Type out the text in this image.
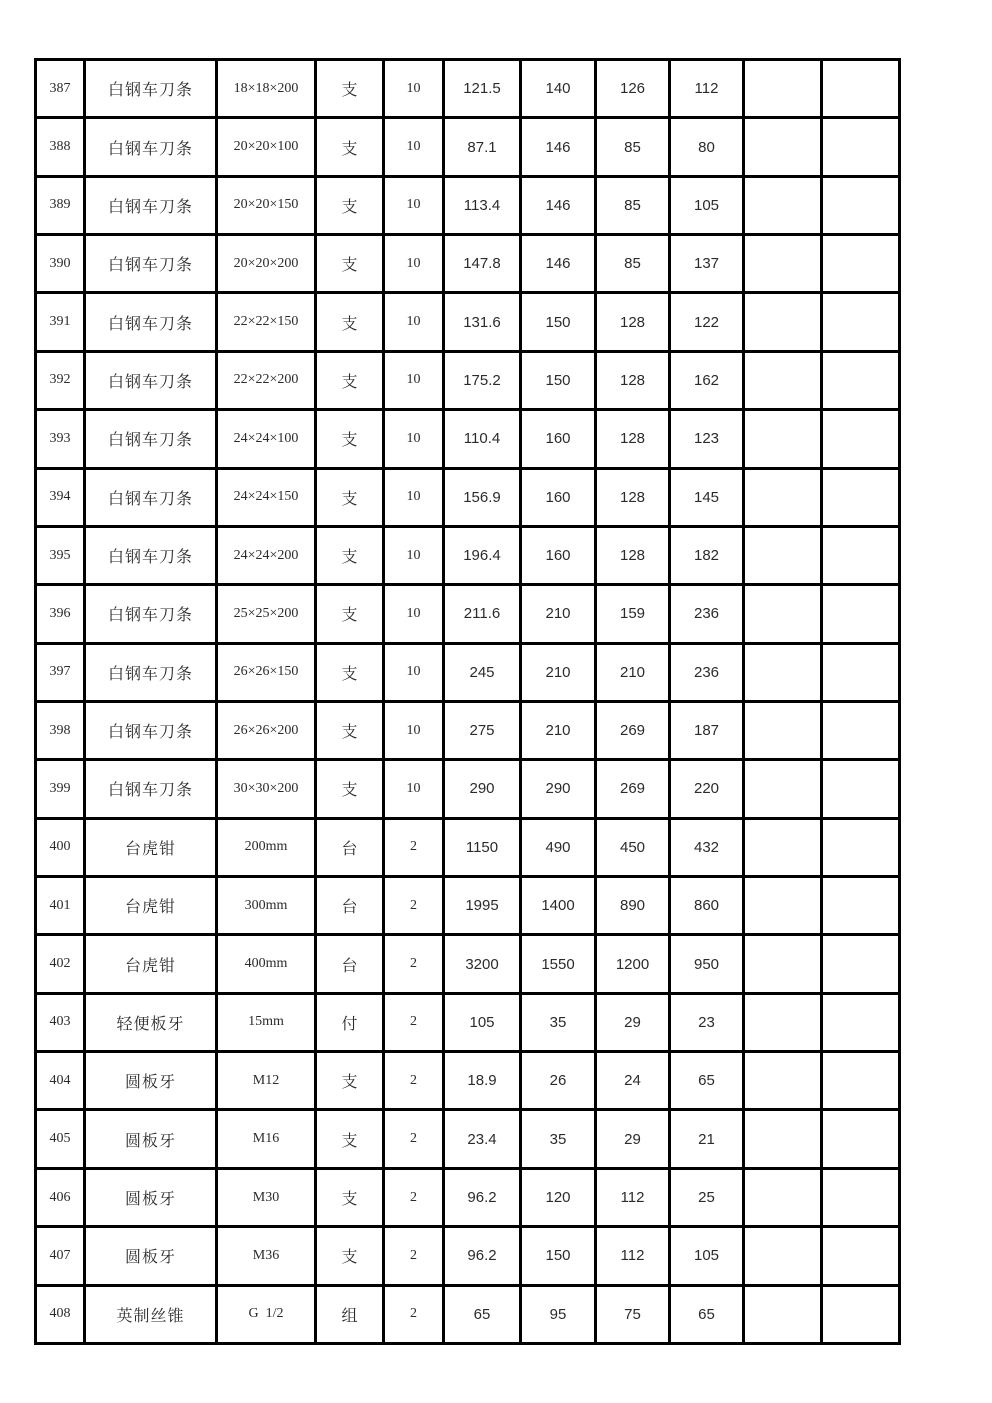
387	白钢车刀条	18×18×200	支	10	121.5	140	126	112		
388	白钢车刀条	20×20×100	支	10	87.1	146	85	80		
389	白钢车刀条	20×20×150	支	10	113.4	146	85	105		
390	白钢车刀条	20×20×200	支	10	147.8	146	85	137		
391	白钢车刀条	22×22×150	支	10	131.6	150	128	122		
392	白钢车刀条	22×22×200	支	10	175.2	150	128	162		
393	白钢车刀条	24×24×100	支	10	110.4	160	128	123		
394	白钢车刀条	24×24×150	支	10	156.9	160	128	145		
395	白钢车刀条	24×24×200	支	10	196.4	160	128	182		
396	白钢车刀条	25×25×200	支	10	211.6	210	159	236		
397	白钢车刀条	26×26×150	支	10	245	210	210	236		
398	白钢车刀条	26×26×200	支	10	275	210	269	187		
399	白钢车刀条	30×30×200	支	10	290	290	269	220		
400	台虎钳	200mm	台	2	1150	490	450	432		
401	台虎钳	300mm	台	2	1995	1400	890	860		
402	台虎钳	400mm	台	2	3200	1550	1200	950		
403	轻便板牙	15mm	付	2	105	35	29	23		
404	圆板牙	M12	支	2	18.9	26	24	65		
405	圆板牙	M16	支	2	23.4	35	29	21		
406	圆板牙	M30	支	2	96.2	120	112	25		
407	圆板牙	M36	支	2	96.2	150	112	105		
408	英制丝锥	G  1/2	组	2	65	95	75	65		
